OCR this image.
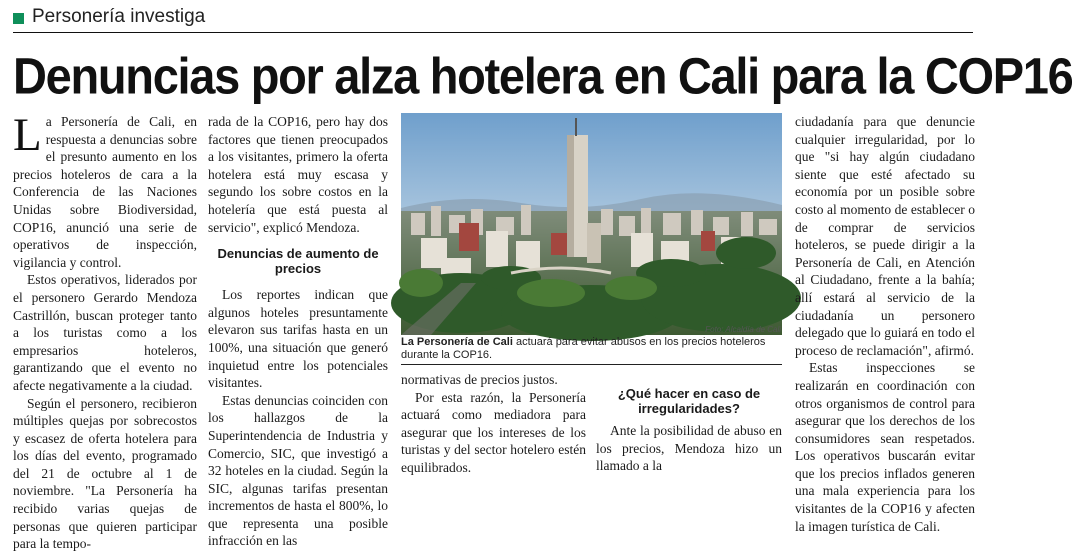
Personería investiga
Denuncias por alza hotelera en Cali para la COP16

La Personería de Cali, en respuesta a denuncias sobre el presunto aumento en los precios hoteleros de cara a la Conferencia de las Naciones Unidas sobre Biodiversidad, COP16, anunció una serie de operativos de inspección, vigilancia y control.

Estos operativos, liderados por el personero Gerardo Mendoza Castrillón, buscan proteger tanto a los turistas como a los empresarios hoteleros, garantizando que el evento no afecte negativamente a la ciudad.

Según el personero, recibieron múltiples quejas por sobrecostos y escasez de oferta hotelera para los días del evento, programado del 21 de octubre al 1 de noviembre. "La Personería ha recibido varias quejas de personas que quieren participar para la tempo-

rada de la COP16, pero hay dos factores que tienen preocupados a los visitantes, primero la oferta hotelera está muy escasa y segundo los sobre costos en la hotelería que está puesta al servicio", explicó Mendoza.

Denuncias de aumento de precios

Los reportes indican que algunos hoteles presuntamente elevaron sus tarifas hasta en un 100%, una situación que generó inquietud entre los potenciales visitantes.

Estas denuncias coinciden con los hallazgos de la Superintendencia de Industria y Comercio, SIC, que investigó a 32 hoteles en la ciudad. Según la SIC, algunas tarifas presentan incrementos de hasta el 800%, lo que representa una posible infracción en las

Foto: Alcaldía de Cali
La Personería de Cali actuará para evitar abusos en los precios hoteleros durante la COP16.

normativas de precios justos.

Por esta razón, la Personería actuará como mediadora para asegurar que los intereses de los turistas y del sector hotelero estén equilibrados.

¿Qué hacer en caso de irregularidades?

Ante la posibilidad de abuso en los precios, Mendoza hizo un llamado a la

ciudadanía para que denuncie cualquier irregularidad, por lo que "si hay algún ciudadano siente que esté afectado su economía por un posible sobre costo al momento de establecer o de comprar de servicios hoteleros, se puede dirigir a la Personería de Cali, en Atención al Ciudadano, frente a la bahía; allí estará al servicio de la ciudadanía un personero delegado que lo guiará en todo el proceso de reclamación", afirmó.

Estas inspecciones se realizarán en coordinación con otros organismos de control para asegurar que los derechos de los consumidores sean respetados. Los operativos buscarán evitar que los precios inflados generen una mala experiencia para los visitantes de la COP16 y afecten la imagen turística de Cali.
